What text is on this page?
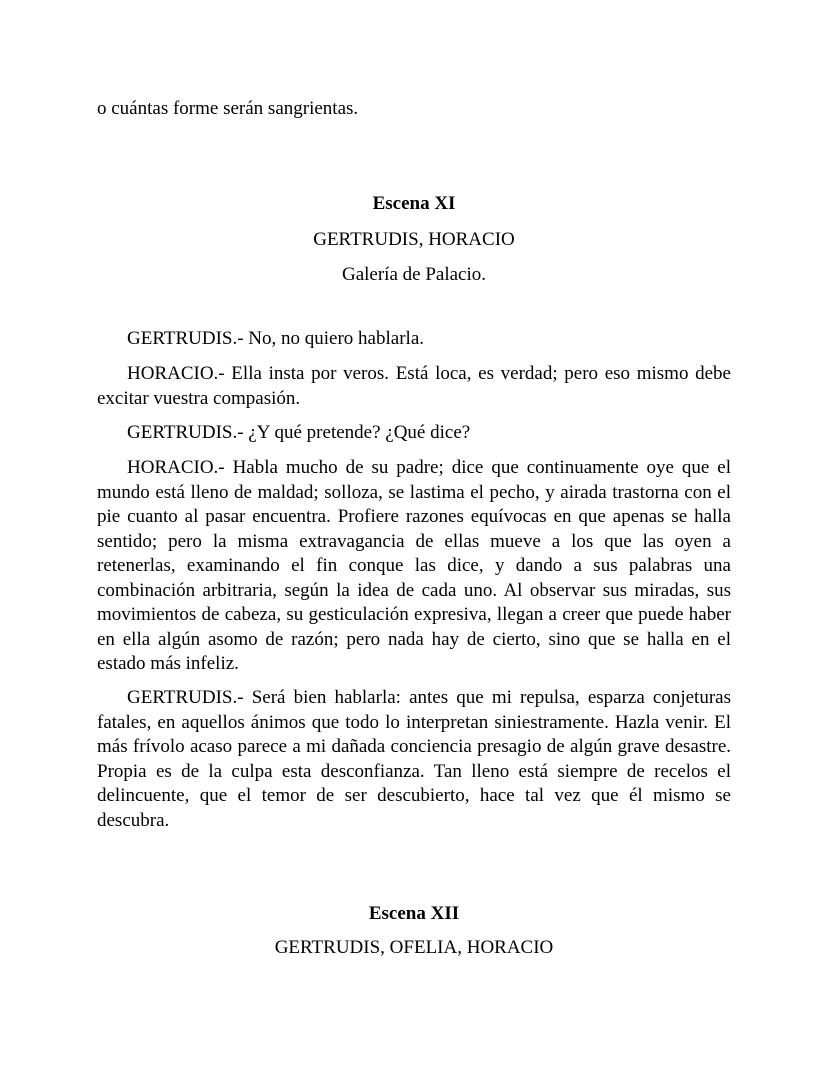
o cuántas forme serán sangrientas.

Escena XI

GERTRUDIS, HORACIO

Galería de Palacio.

GERTRUDIS.- No, no quiero hablarla.

HORACIO.- Ella insta por veros. Está loca, es verdad; pero eso mismo debe excitar vuestra compasión.

GERTRUDIS.- ¿Y qué pretende? ¿Qué dice?

HORACIO.- Habla mucho de su padre; dice que continuamente oye que el mundo está lleno de maldad; solloza, se lastima el pecho, y airada trastorna con el pie cuanto al pasar encuentra. Profiere razones equívocas en que apenas se halla sentido; pero la misma extravagancia de ellas mueve a los que las oyen a retenerlas, examinando el fin conque las dice, y dando a sus palabras una combinación arbitraria, según la idea de cada uno. Al observar sus miradas, sus movimientos de cabeza, su gesticulación expresiva, llegan a creer que puede haber en ella algún asomo de razón; pero nada hay de cierto, sino que se halla en el estado más infeliz.

GERTRUDIS.- Será bien hablarla: antes que mi repulsa, esparza conjeturas fatales, en aquellos ánimos que todo lo interpretan siniestramente. Hazla venir. El más frívolo acaso parece a mi dañada conciencia presagio de algún grave desastre. Propia es de la culpa esta desconfianza. Tan lleno está siempre de recelos el delincuente, que el temor de ser descubierto, hace tal vez que él mismo se descubra.

Escena XII

GERTRUDIS, OFELIA, HORACIO
